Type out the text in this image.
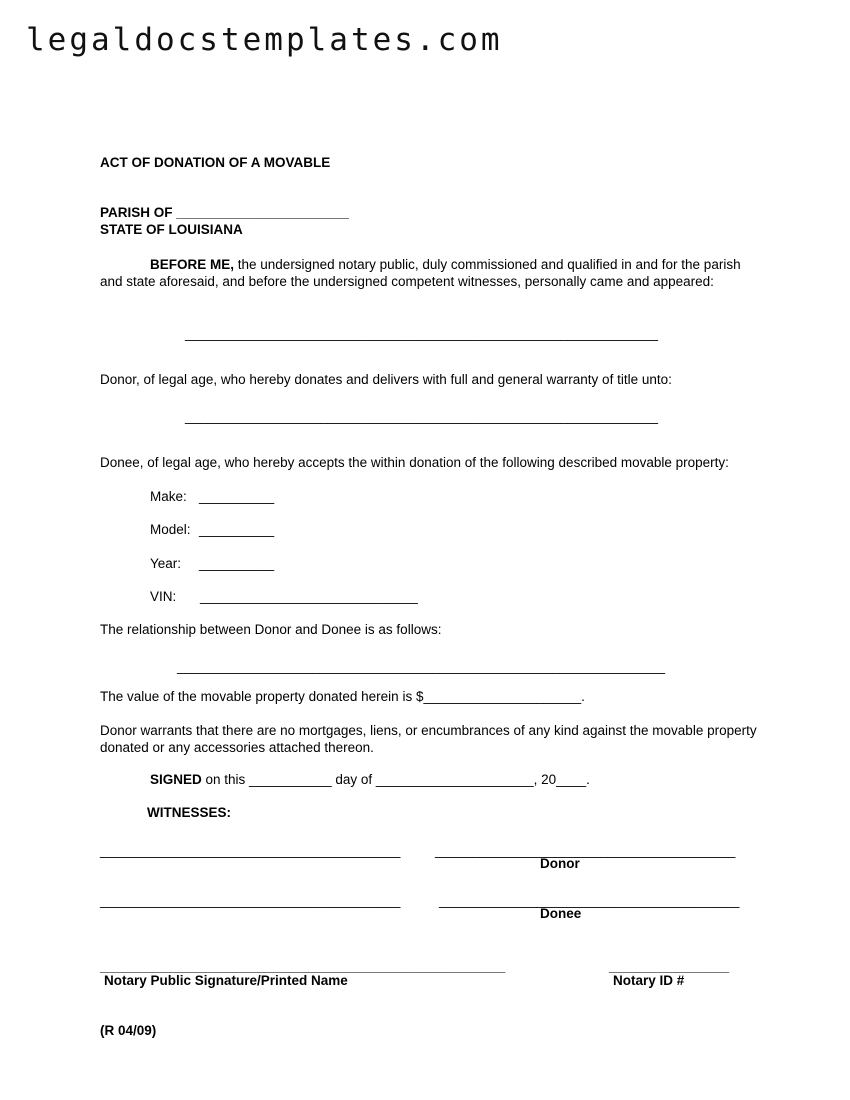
legaldocstemplates.com
ACT OF DONATION OF A MOVABLE
PARISH OF _______________________
STATE OF LOUISIANA
BEFORE ME, the undersigned notary public, duly commissioned and qualified in and for the parish and state aforesaid, and before the undersigned competent witnesses, personally came and appeared:
_______________________________________________________________
Donor, of legal age, who hereby donates and delivers with full and general warranty of title unto:
_______________________________________________________________
Donee, of legal age, who hereby accepts the within donation of the following described movable property:
Make: __________
Model: __________
Year: __________
VIN: _____________________________
The relationship between Donor and Donee is as follows:
_________________________________________________________________
The value of the movable property donated herein is $_____________________.
Donor warrants that there are no mortgages, liens, or encumbrances of any kind against the movable property donated or any accessories attached thereon.
SIGNED on this ___________ day of _____________________, 20____.
WITNESSES:
________________________________________	________________________________________
Donor
________________________________________	________________________________________
Donee
______________________________________________________	________________
Notary Public Signature/Printed Name	Notary ID #
(R 04/09)
